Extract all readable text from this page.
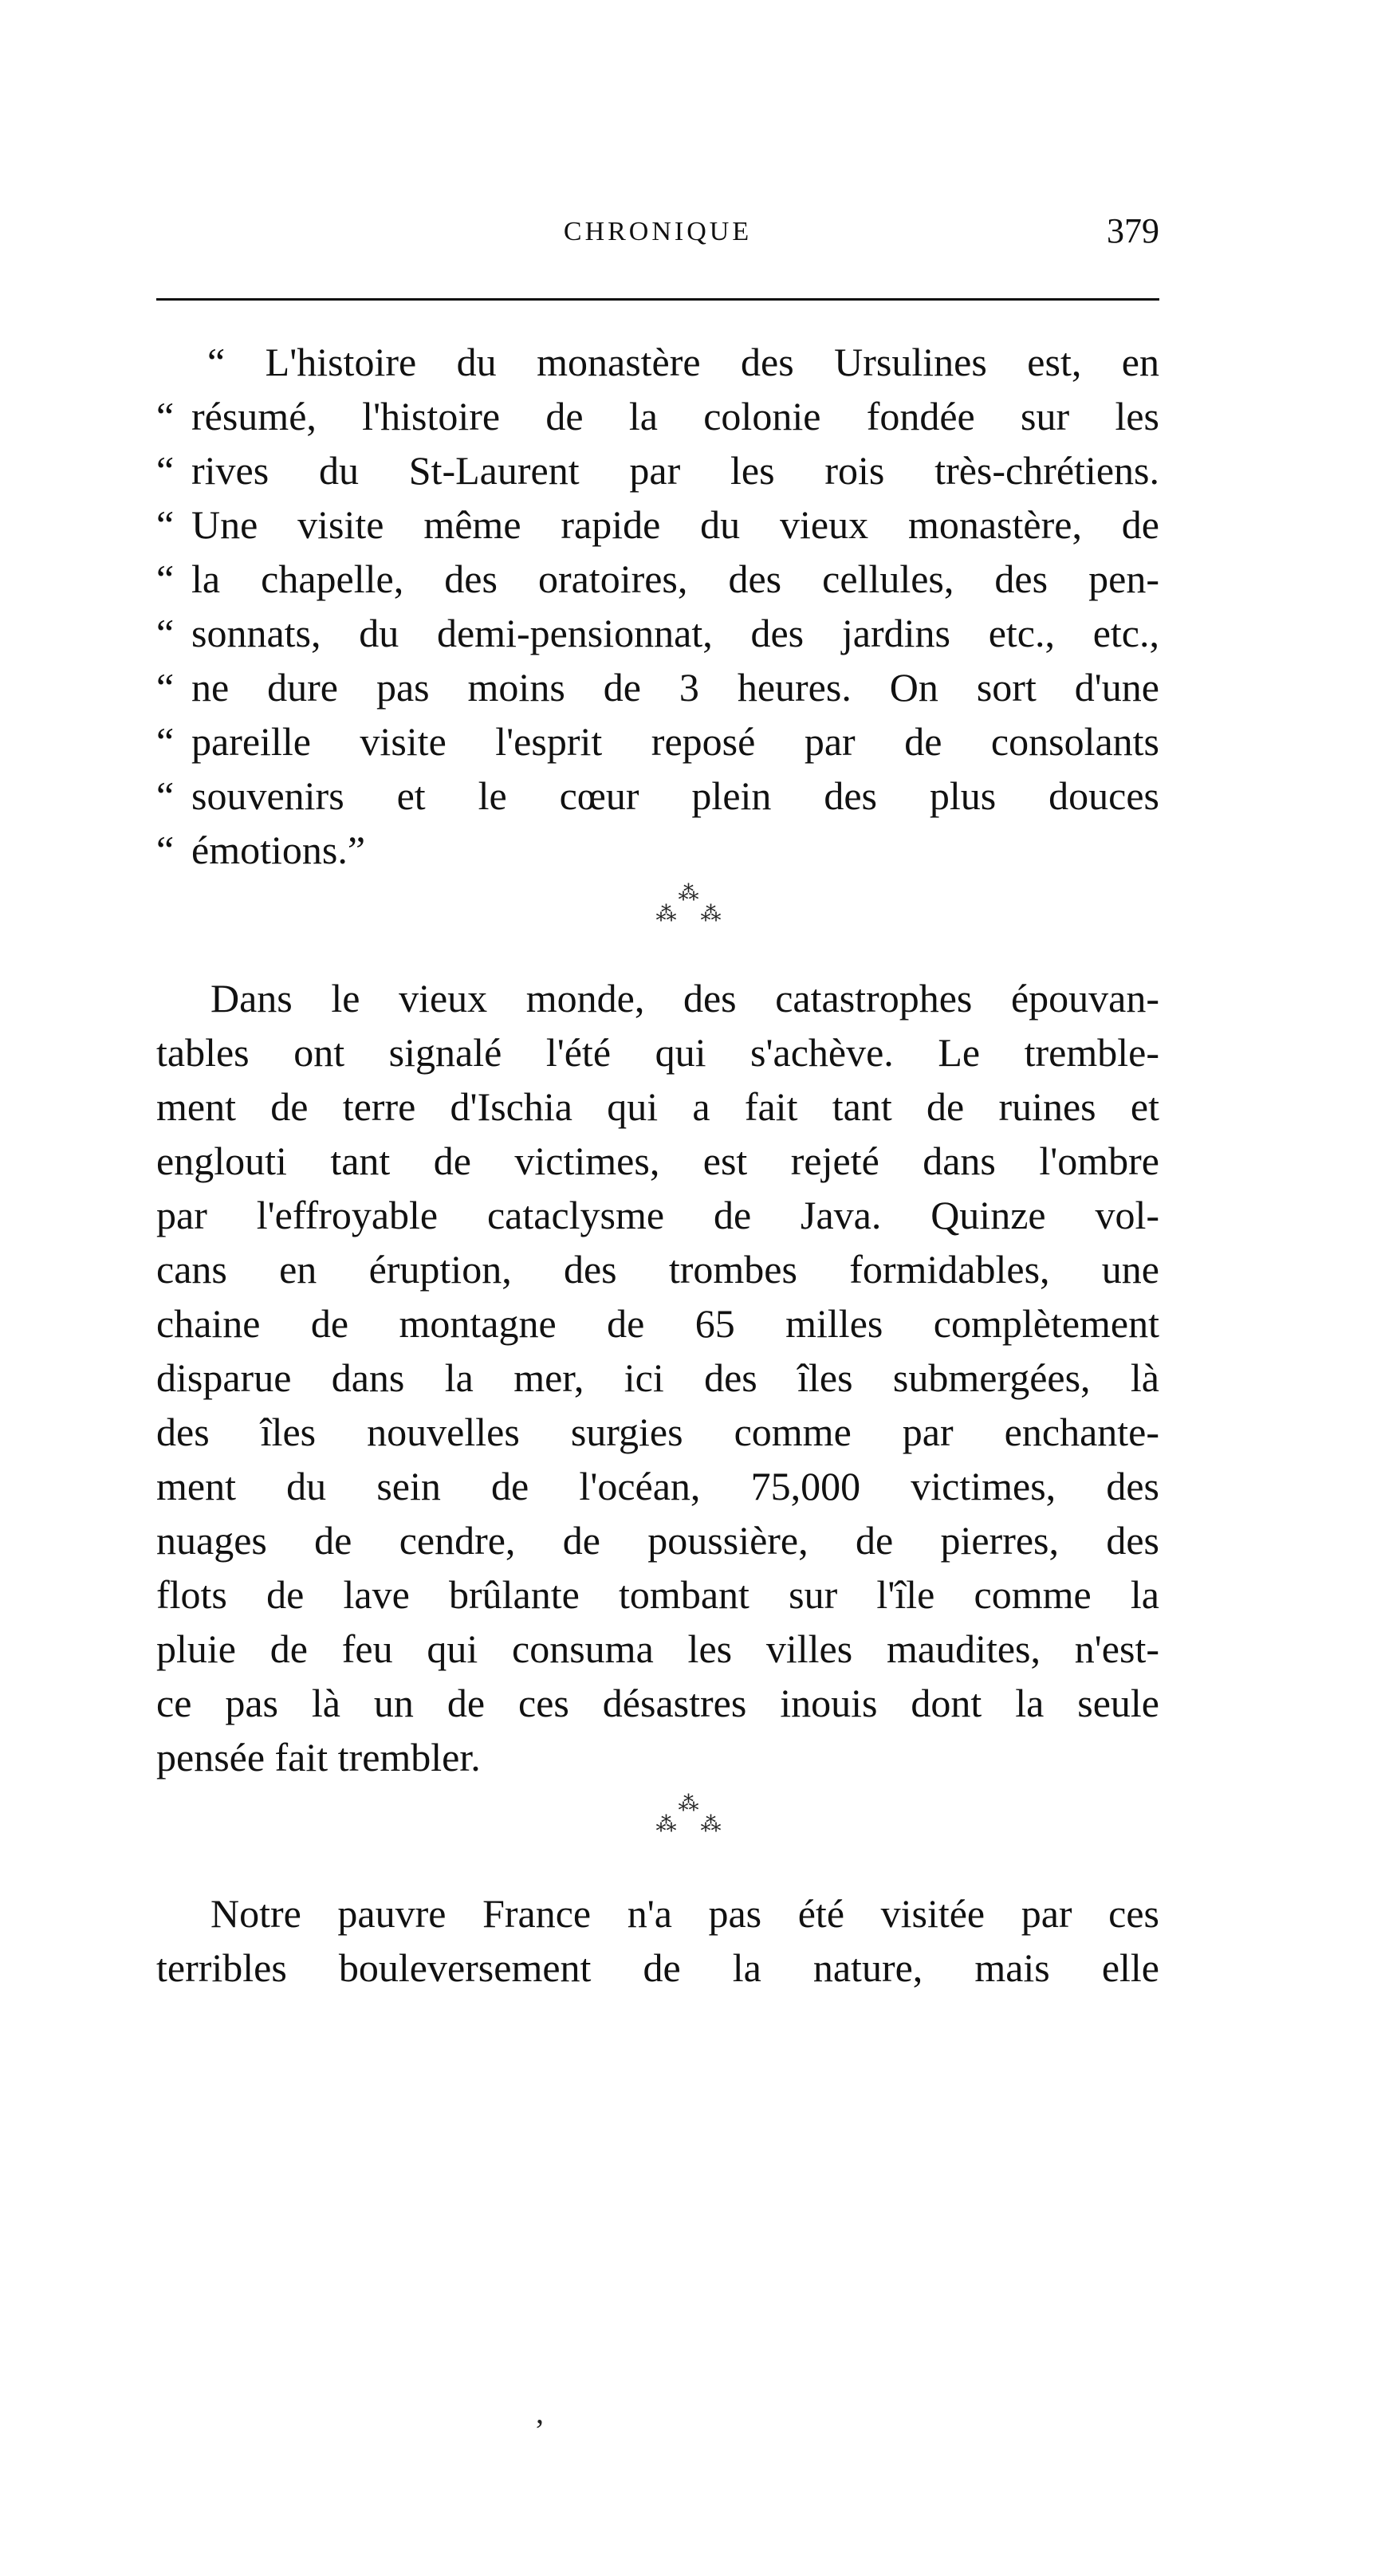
CHRONIQUE	379
“ L'histoire du monastère des Ursulines est, en
“ résumé, l'histoire de la colonie fondée sur les
“ rives du St-Laurent par les rois très-chrétiens.
“ Une visite même rapide du vieux monastère, de
“ la chapelle, des oratoires, des cellules, des pen-
“ sonnats, du demi-pensionnat, des jardins etc., etc.,
“ ne dure pas moins de 3 heures. On sort d'une
“ pareille visite l'esprit reposé par de consolants
“ souvenirs et le cœur plein des plus douces
“ émotions.”
⁂
⁂ ⁂
Dans le vieux monde, des catastrophes épouvan-
tables ont signalé l'été qui s'achève. Le tremble-
ment de terre d'Ischia qui a fait tant de ruines et
englouti tant de victimes, est rejeté dans l'ombre
par l'effroyable cataclysme de Java. Quinze vol-
cans en éruption, des trombes formidables, une
chaine de montagne de 65 milles complètement
disparue dans la mer, ici des îles submergées, là
des îles nouvelles surgies comme par enchante-
ment du sein de l'océan, 75,000 victimes, des
nuages de cendre, de poussière, de pierres, des
flots de lave brûlante tombant sur l'île comme la
pluie de feu qui consuma les villes maudites, n'est-
ce pas là un de ces désastres inouis dont la seule
pensée fait trembler.
⁂
⁂ ⁂
Notre pauvre France n'a pas été visitée par ces
terribles bouleversement de la nature, mais elle
,
